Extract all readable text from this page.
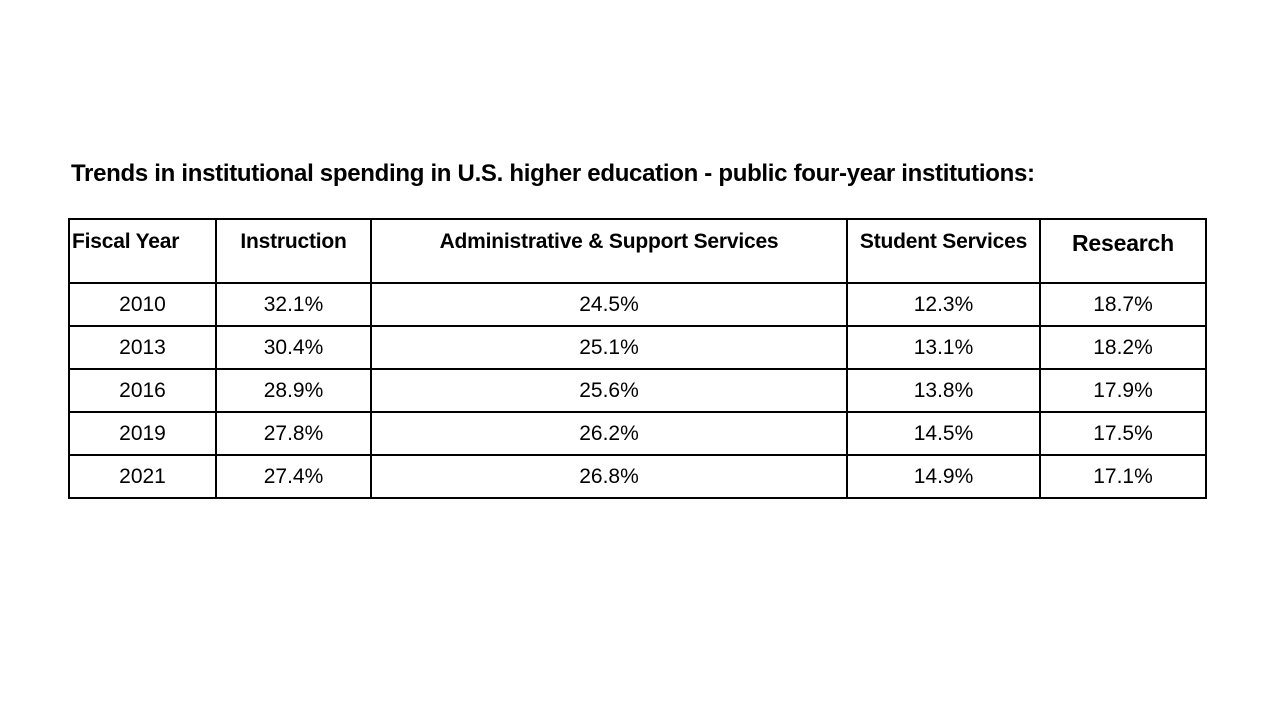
Trends in institutional spending in U.S. higher education - public four-year institutions:
Fiscal Year	Instruction	Administrative & Support Services	Student Services	Research
2010	32.1%	24.5%	12.3%	18.7%
2013	30.4%	25.1%	13.1%	18.2%
2016	28.9%	25.6%	13.8%	17.9%
2019	27.8%	26.2%	14.5%	17.5%
2021	27.4%	26.8%	14.9%	17.1%
